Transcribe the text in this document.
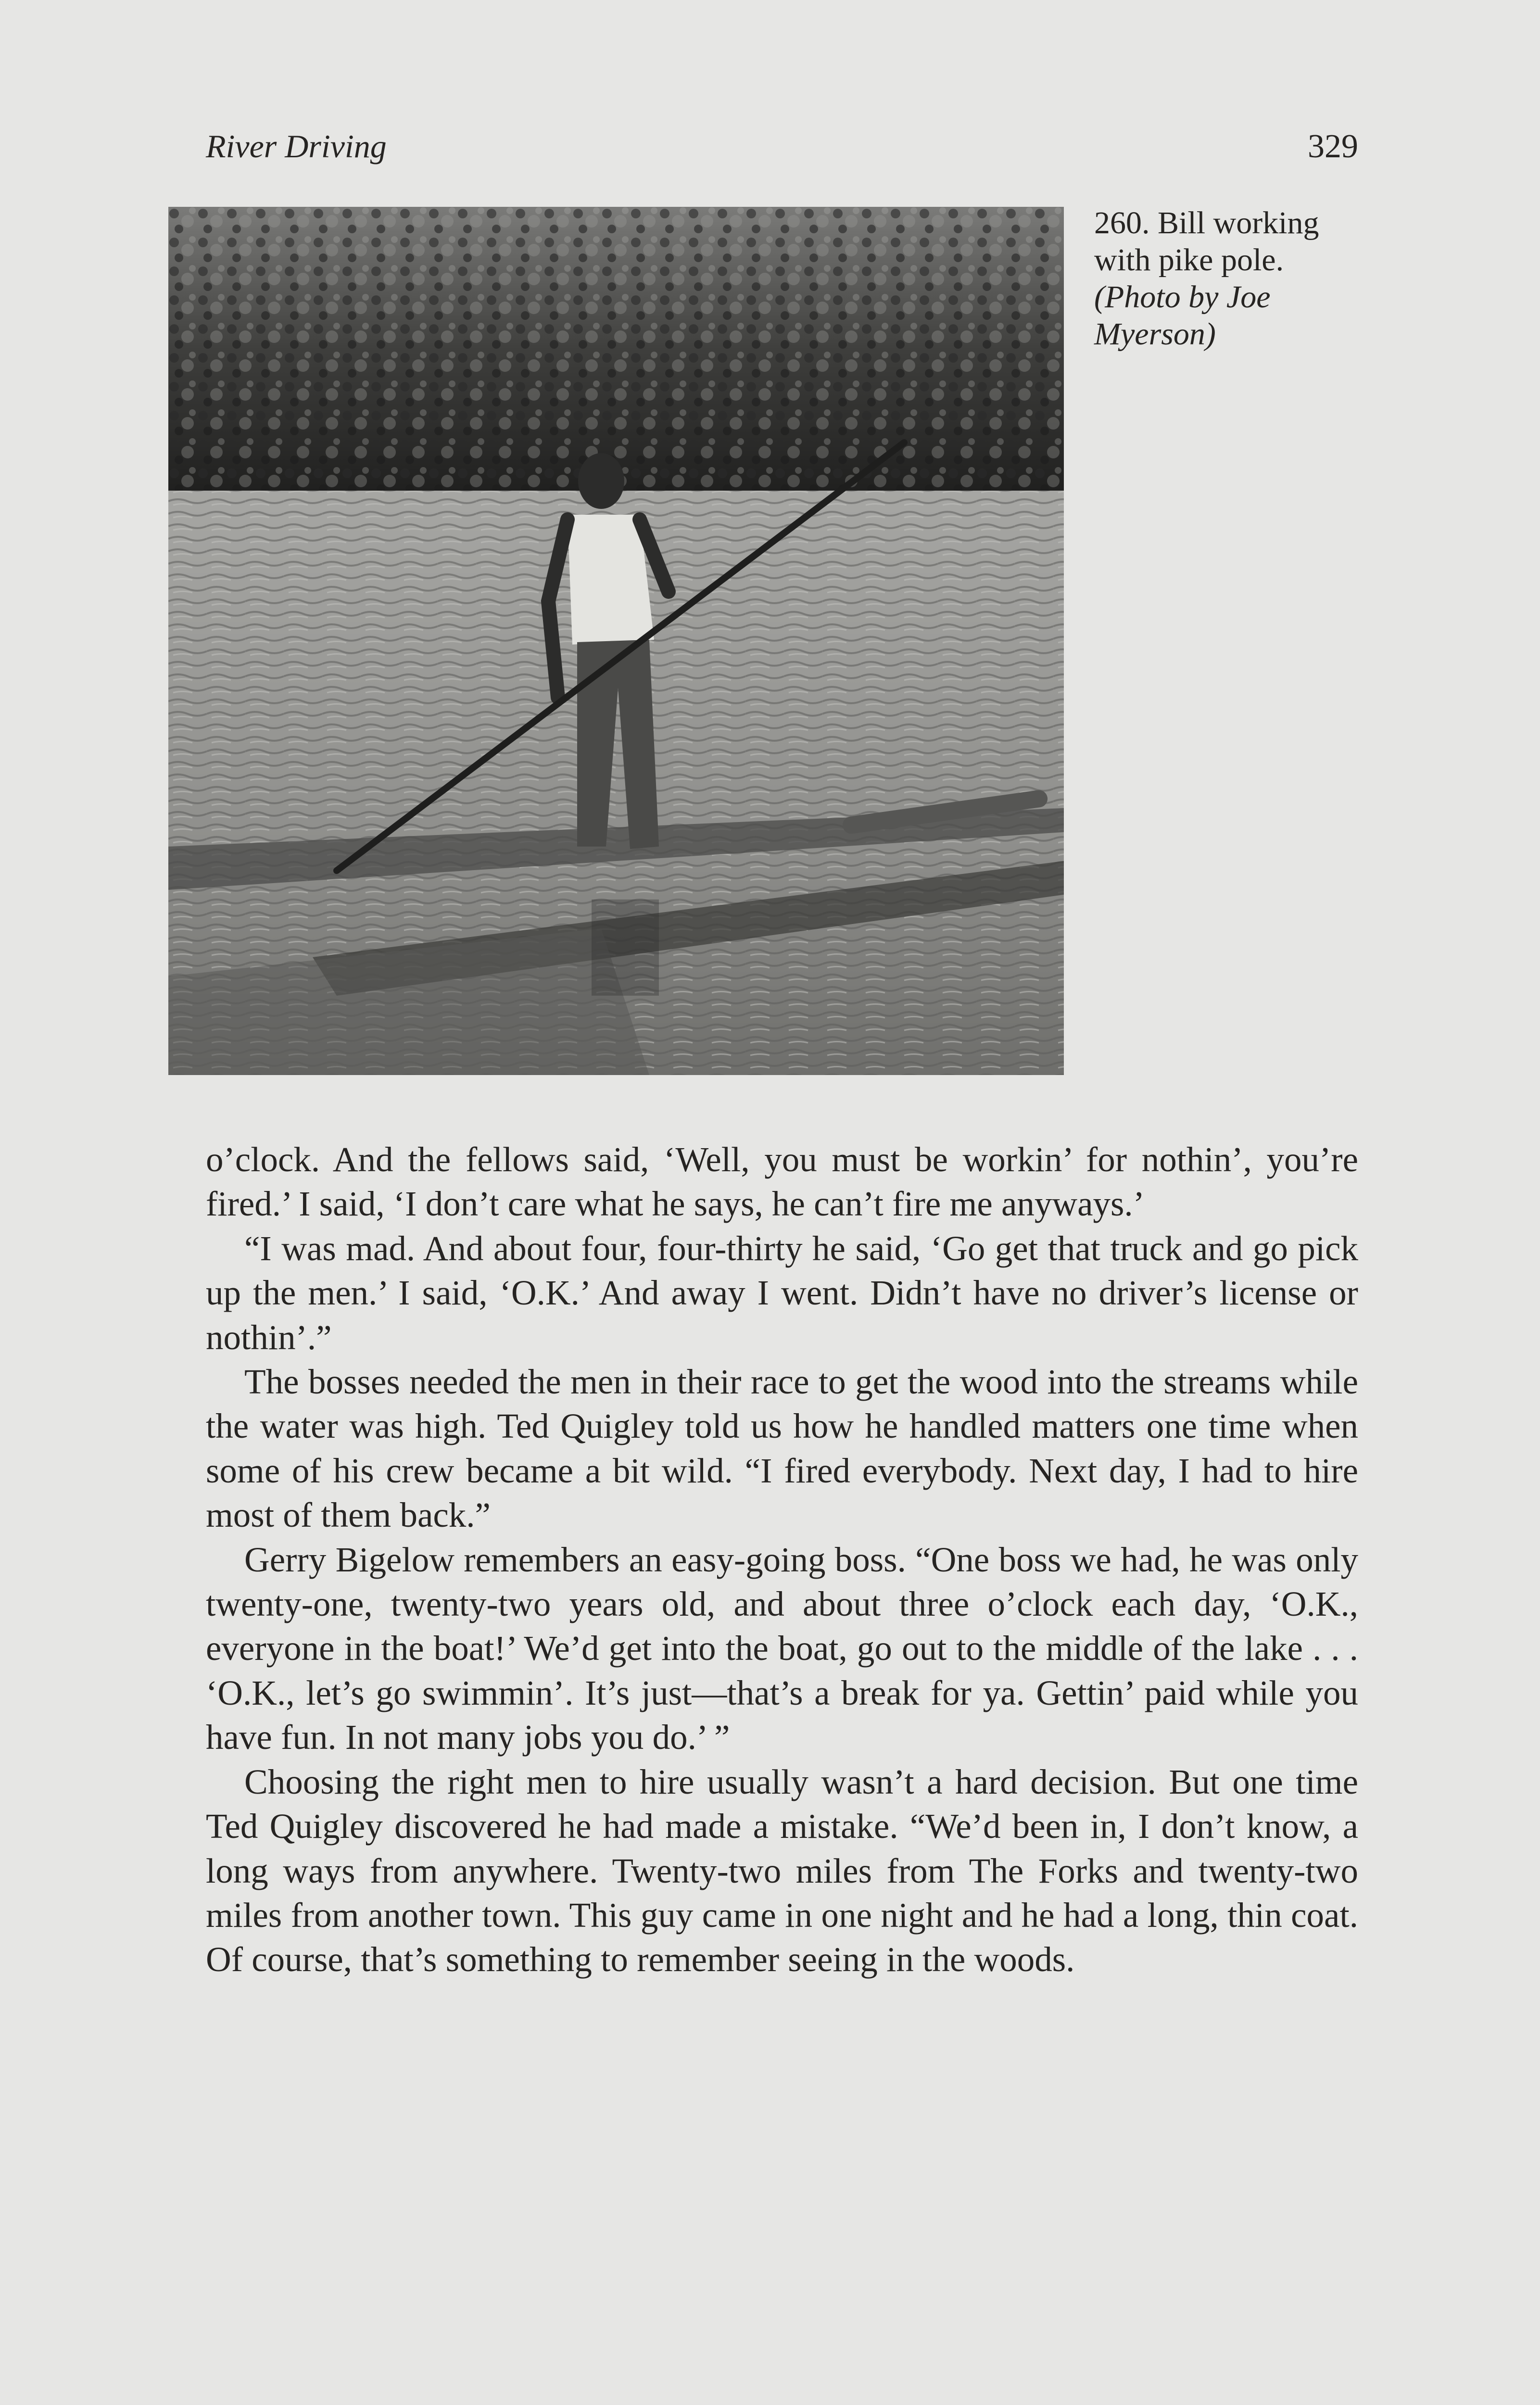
River Driving	329
260. Bill working with pike pole. (Photo by Joe Myerson)

o’clock. And the fellows said, ‘Well, you must be workin’ for nothin’, you’re fired.’ I said, ‘I don’t care what he says, he can’t fire me anyways.’

“I was mad. And about four, four-thirty he said, ‘Go get that truck and go pick up the men.’ I said, ‘O.K.’ And away I went. Didn’t have no driver’s license or nothin’.”

The bosses needed the men in their race to get the wood into the streams while the water was high. Ted Quigley told us how he handled matters one time when some of his crew became a bit wild. “I fired everybody. Next day, I had to hire most of them back.”

Gerry Bigelow remembers an easy-going boss. “One boss we had, he was only twenty-one, twenty-two years old, and about three o’clock each day, ‘O.K., everyone in the boat!’ We’d get into the boat, go out to the middle of the lake . . . ‘O.K., let’s go swimmin’. It’s just—that’s a break for ya. Gettin’ paid while you have fun. In not many jobs you do.’ ”

Choosing the right men to hire usually wasn’t a hard decision. But one time Ted Quigley discovered he had made a mistake. “We’d been in, I don’t know, a long ways from anywhere. Twenty-two miles from The Forks and twenty-two miles from another town. This guy came in one night and he had a long, thin coat. Of course, that’s something to remember seeing in the woods.
